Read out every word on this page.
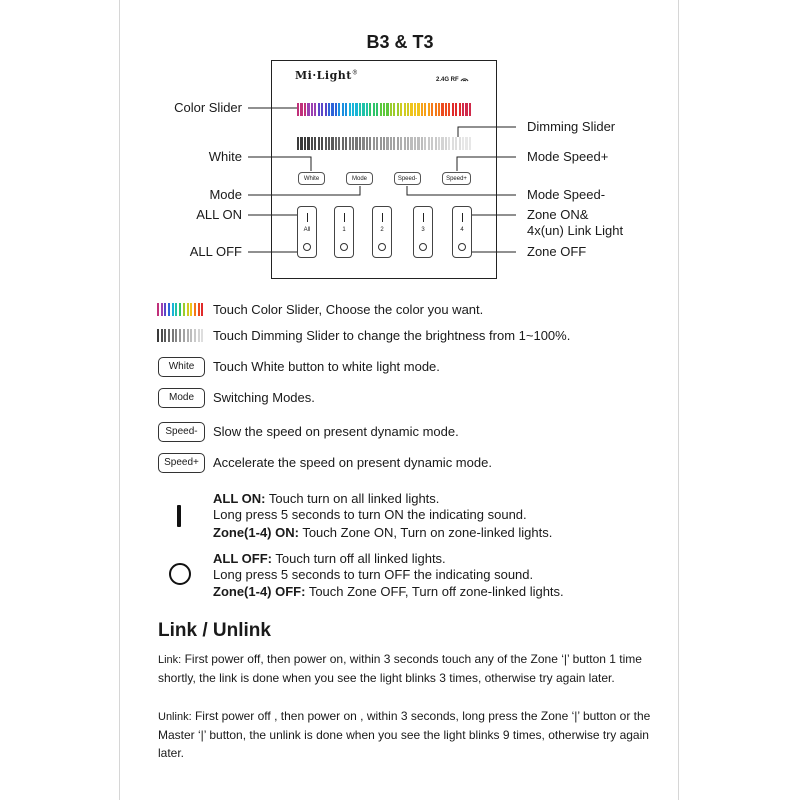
B3 & T3
Mi·Light®
2.4G RF
White	Mode	Speed-	Speed+
All	1	2	3	4
Color Slider
White
Mode
ALL ON
ALL OFF
Dimming Slider
Mode Speed+
Mode Speed-
Zone ON&
4x(un) Link Light
Zone OFF
Touch Color Slider, Choose the color you want.
Touch Dimming Slider to change the brightness from 1~100%.
White	Touch White button to white light mode.
Mode	Switching Modes.
Speed-	Slow the speed on present dynamic mode.
Speed+	Accelerate the speed on present dynamic mode.
ALL ON: Touch turn on all linked lights.
Long press 5 seconds to turn ON the indicating sound.
Zone(1-4) ON: Touch Zone ON, Turn on zone-linked lights.
ALL OFF: Touch turn off all linked lights.
Long press 5 seconds to turn OFF the indicating sound.
Zone(1-4) OFF: Touch Zone OFF, Turn off zone-linked lights.
Link / Unlink
Link: First power off, then power on, within 3 seconds touch any of the Zone ‘|’ button 1 time shortly, the link is done when you see the light blinks 3 times, otherwise try again later.
Unlink: First power off , then power on , within 3 seconds, long press the Zone ‘|’ button or the Master ‘|’ button, the unlink is done when you see the light blinks 9 times, otherwise try again later.
